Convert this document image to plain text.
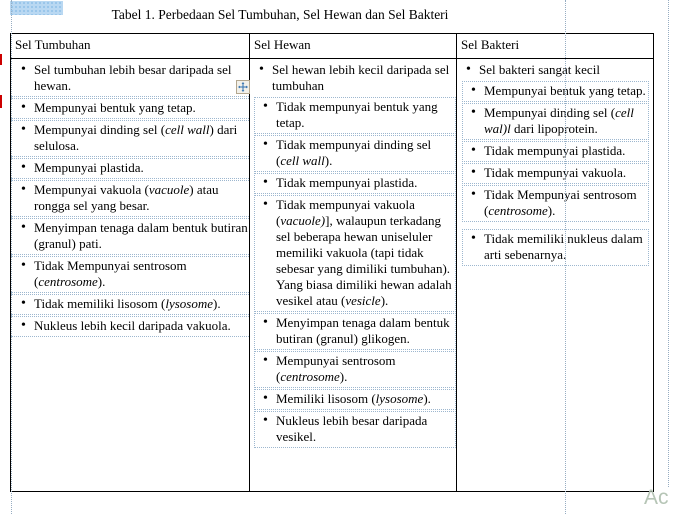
Tabel 1. Perbedaan Sel Tumbuhan, Sel Hewan dan Sel Bakteri
Sel Tumbuhan	Sel Hewan	Sel Bakteri
• Sel tumbuhan lebih besar daripada sel hewan.
• Mempunyai bentuk yang tetap.
• Mempunyai dinding sel (cell wall) dari selulosa.
• Mempunyai plastida.
• Mempunyai vakuola (vacuole) atau rongga sel yang besar.
• Menyimpan tenaga dalam bentuk butiran (granul) pati.
• Tidak Mempunyai sentrosom (centrosome).
• Tidak memiliki lisosom (lysosome).
• Nukleus lebih kecil daripada vakuola.
• Sel hewan lebih kecil daripada sel tumbuhan
• Tidak mempunyai bentuk yang tetap.
• Tidak mempunyai dinding sel (cell wall).
• Tidak mempunyai plastida.
• Tidak mempunyai vakuola (vacuole)], walaupun terkadang sel beberapa hewan uniseluler memiliki vakuola (tapi tidak sebesar yang dimiliki tumbuhan). Yang biasa dimiliki hewan adalah vesikel atau (vesicle).
• Menyimpan tenaga dalam bentuk butiran (granul) glikogen.
• Mempunyai sentrosom (centrosome).
• Memiliki lisosom (lysosome).
• Nukleus lebih besar daripada vesikel.
• Sel bakteri sangat kecil
• Mempunyai bentuk yang tetap.
• Mempunyai dinding sel (cell wal)l dari lipoprotein.
• Tidak mempunyai plastida.
• Tidak mempunyai vakuola.
• Tidak Mempunyai sentrosom (centrosome).
• Tidak memiliki nukleus dalam arti sebenarnya.
Ac
